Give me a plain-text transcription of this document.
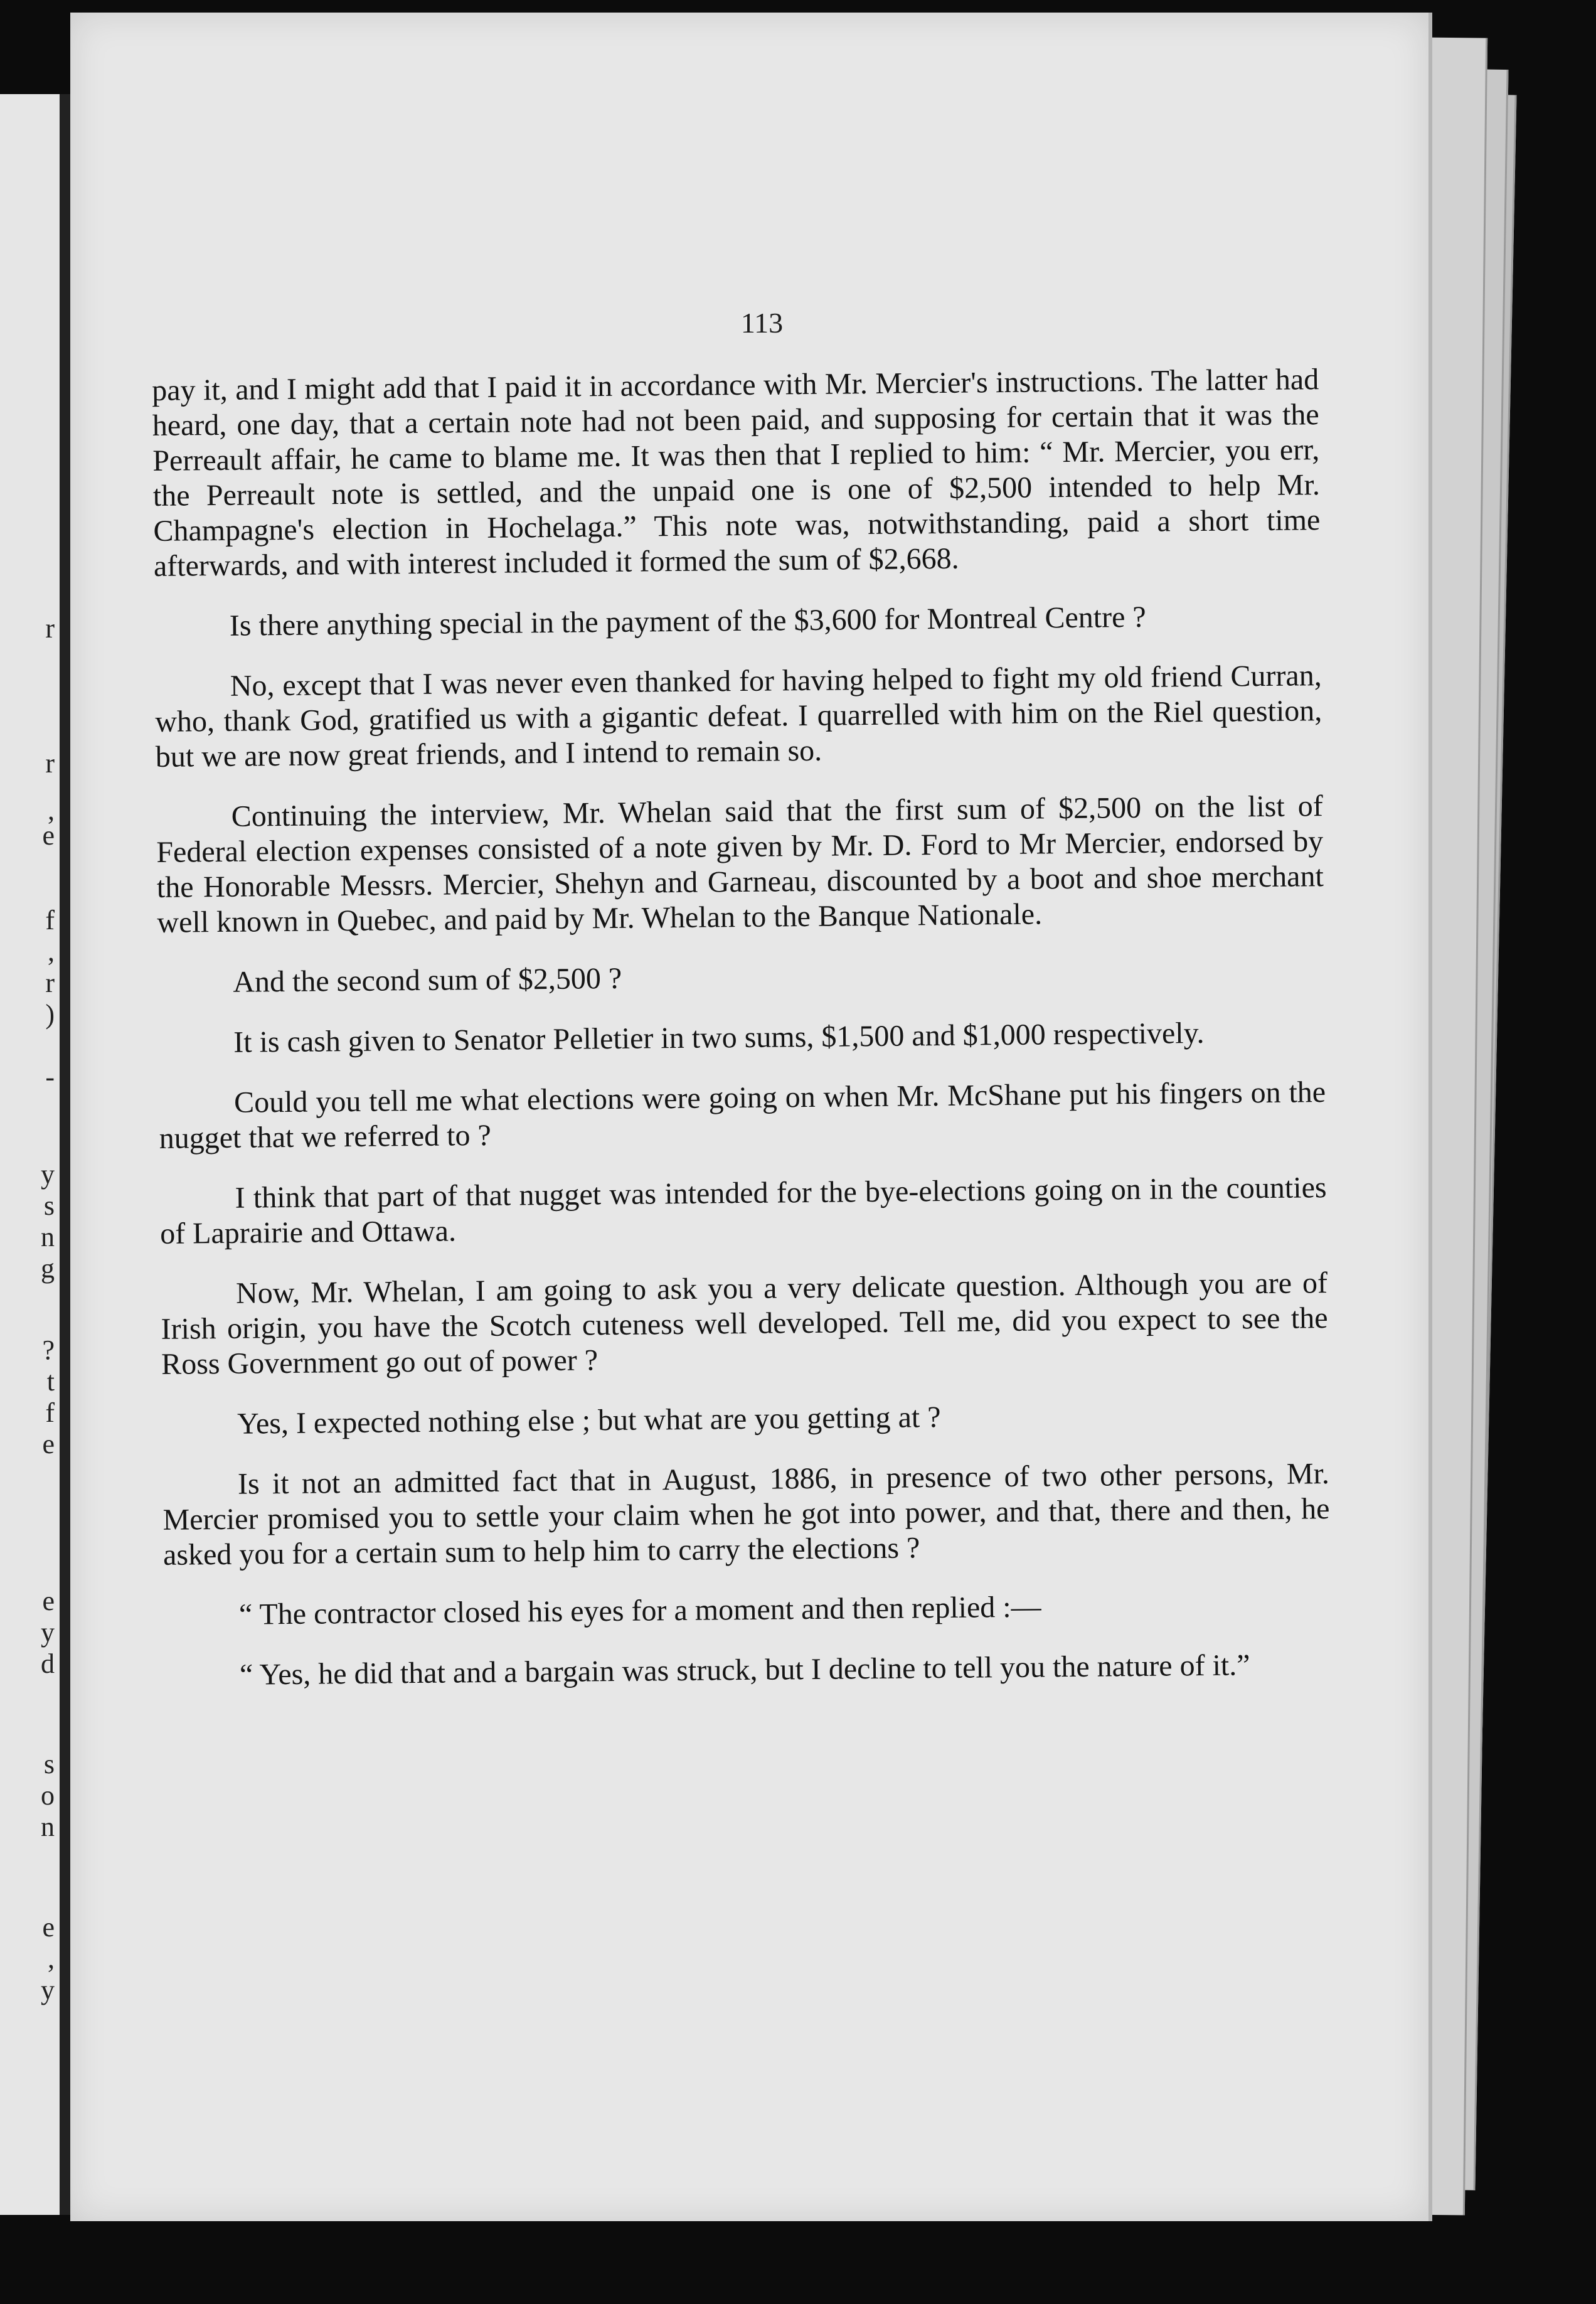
r
r
,
e
f
,
r
)
-
y
s
n
g
?
t
f
e
e
y
d
s
o
n
e
,
y
113

pay it, and I might add that I paid it in accordance with Mr. Mercier's instructions. The latter had heard, one day, that a certain note had not been paid, and supposing for certain that it was the Perreault affair, he came to blame me. It was then that I replied to him: “ Mr. Mercier, you err, the Perreault note is settled, and the unpaid one is one of $2,500 intended to help Mr. Champagne's election in Hochelaga.” This note was, notwithstanding, paid a short time afterwards, and with interest included it formed the sum of $2,668.

Is there anything special in the payment of the $3,600 for Montreal Centre ?

No, except that I was never even thanked for having helped to fight my old friend Curran, who, thank God, gratified us with a gigantic defeat. I quarrelled with him on the Riel question, but we are now great friends, and I intend to remain so.

Continuing the interview, Mr. Whelan said that the first sum of $2,500 on the list of Federal election expenses consisted of a note given by Mr. D. Ford to Mr Mercier, endorsed by the Honorable Messrs. Mercier, Shehyn and Garneau, discounted by a boot and shoe merchant well known in Quebec, and paid by Mr. Whelan to the Banque Nationale.

And the second sum of $2,500 ?

It is cash given to Senator Pelletier in two sums, $1,500 and $1,000 respectively.

Could you tell me what elections were going on when Mr. McShane put his fingers on the nugget that we referred to ?

I think that part of that nugget was intended for the bye-elections going on in the counties of Laprairie and Ottawa.

Now, Mr. Whelan, I am going to ask you a very delicate question. Although you are of Irish origin, you have the Scotch cuteness well developed. Tell me, did you expect to see the Ross Government go out of power ?

Yes, I expected nothing else ; but what are you getting at ?

Is it not an admitted fact that in August, 1886, in presence of two other persons, Mr. Mercier promised you to settle your claim when he got into power, and that, there and then, he asked you for a certain sum to help him to carry the elections ?

“ The contractor closed his eyes for a moment and then replied :—

“ Yes, he did that and a bargain was struck, but I decline to tell you the nature of it.”
